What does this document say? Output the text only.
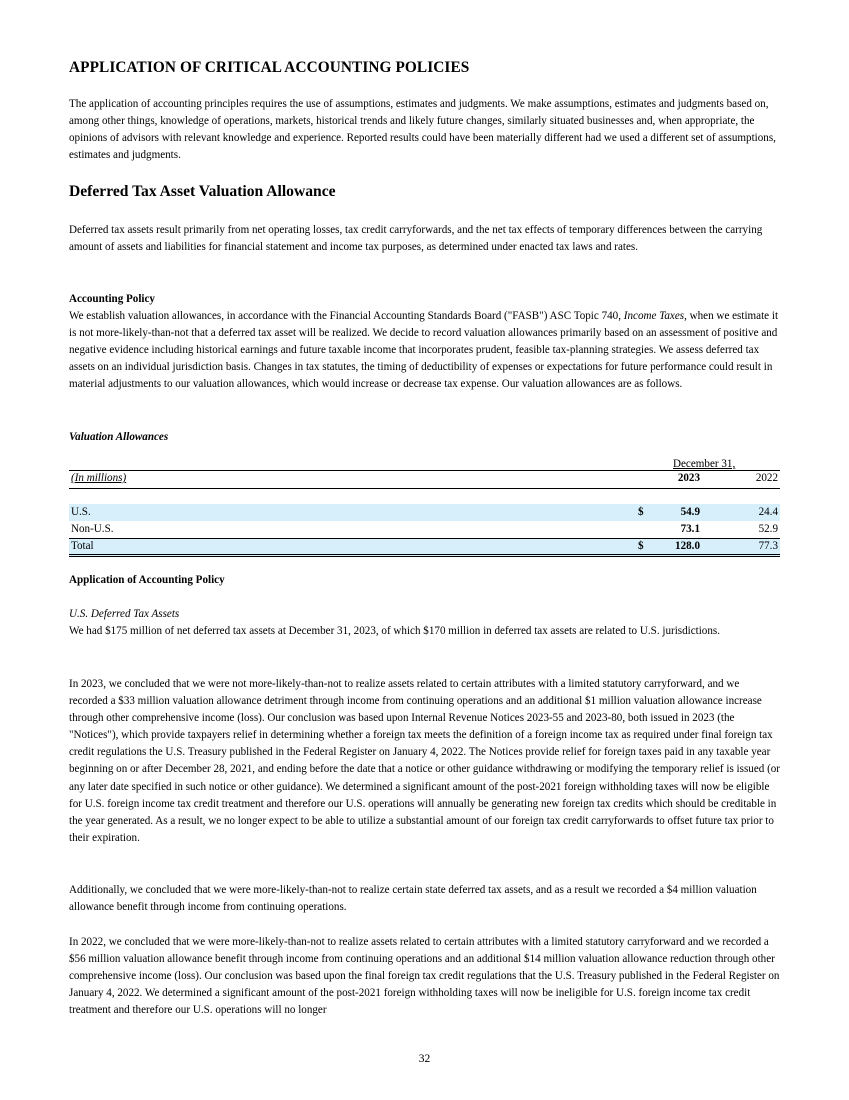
APPLICATION OF CRITICAL ACCOUNTING POLICIES
The application of accounting principles requires the use of assumptions, estimates and judgments. We make assumptions, estimates and judgments based on, among other things, knowledge of operations, markets, historical trends and likely future changes, similarly situated businesses and, when appropriate, the opinions of advisors with relevant knowledge and experience. Reported results could have been materially different had we used a different set of assumptions, estimates and judgments.
Deferred Tax Asset Valuation Allowance
Deferred tax assets result primarily from net operating losses, tax credit carryforwards, and the net tax effects of temporary differences between the carrying amount of assets and liabilities for financial statement and income tax purposes, as determined under enacted tax laws and rates.
Accounting Policy
We establish valuation allowances, in accordance with the Financial Accounting Standards Board ("FASB") ASC Topic 740, Income Taxes, when we estimate it is not more-likely-than-not that a deferred tax asset will be realized. We decide to record valuation allowances primarily based on an assessment of positive and negative evidence including historical earnings and future taxable income that incorporates prudent, feasible tax-planning strategies. We assess deferred tax assets on an individual jurisdiction basis. Changes in tax statutes, the timing of deductibility of expenses or expectations for future performance could result in material adjustments to our valuation allowances, which would increase or decrease tax expense. Our valuation allowances are as follows.
Valuation Allowances
December 31,
(In millions)	2023	2022
U.S.	$	54.9	24.4
Non-U.S.	73.1	52.9
Total	$	128.0	77.3
Application of Accounting Policy
U.S. Deferred Tax Assets
We had $175 million of net deferred tax assets at December 31, 2023, of which $170 million in deferred tax assets are related to U.S. jurisdictions.
In 2023, we concluded that we were not more-likely-than-not to realize assets related to certain attributes with a limited statutory carryforward, and we recorded a $33 million valuation allowance detriment through income from continuing operations and an additional $1 million valuation allowance increase through other comprehensive income (loss). Our conclusion was based upon Internal Revenue Notices 2023-55 and 2023-80, both issued in 2023 (the "Notices"), which provide taxpayers relief in determining whether a foreign tax meets the definition of a foreign income tax as required under final foreign tax credit regulations the U.S. Treasury published in the Federal Register on January 4, 2022. The Notices provide relief for foreign taxes paid in any taxable year beginning on or after December 28, 2021, and ending before the date that a notice or other guidance withdrawing or modifying the temporary relief is issued (or any later date specified in such notice or other guidance). We determined a significant amount of the post-2021 foreign withholding taxes will now be eligible for U.S. foreign income tax credit treatment and therefore our U.S. operations will annually be generating new foreign tax credits which should be creditable in the year generated. As a result, we no longer expect to be able to utilize a substantial amount of our foreign tax credit carryforwards to offset future tax prior to their expiration.
Additionally, we concluded that we were more-likely-than-not to realize certain state deferred tax assets, and as a result we recorded a $4 million valuation allowance benefit through income from continuing operations.
In 2022, we concluded that we were more-likely-than-not to realize assets related to certain attributes with a limited statutory carryforward and we recorded a $56 million valuation allowance benefit through income from continuing operations and an additional $14 million valuation allowance reduction through other comprehensive income (loss). Our conclusion was based upon the final foreign tax credit regulations that the U.S. Treasury published in the Federal Register on January 4, 2022. We determined a significant amount of the post-2021 foreign withholding taxes will now be ineligible for U.S. foreign income tax credit treatment and therefore our U.S. operations will no longer
32
